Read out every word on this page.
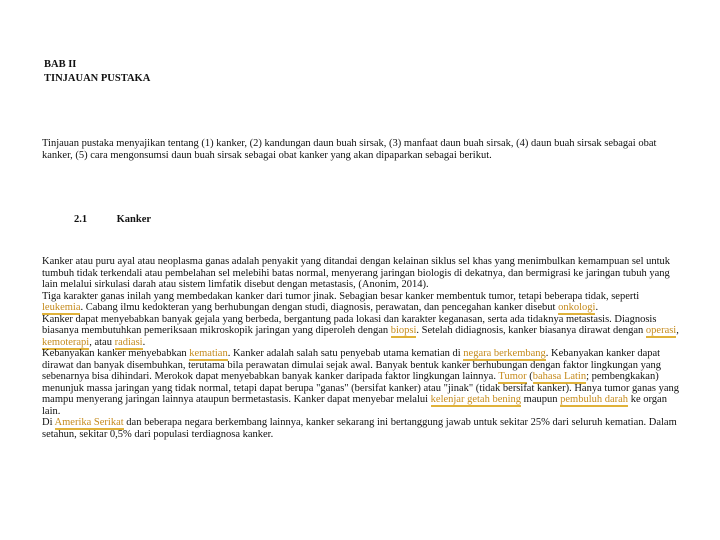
BAB II
TINJAUAN PUSTAKA
Tinjauan pustaka menyajikan tentang (1) kanker, (2) kandungan daun buah sirsak, (3) manfaat daun buah sirsak, (4) daun buah sirsak sebagai obat kanker, (5) cara mengonsumsi daun buah sirsak sebagai obat kanker yang akan dipaparkan sebagai berikut.
2.1	Kanker

Kanker atau puru ayal atau neoplasma ganas adalah penyakit yang ditandai dengan kelainan siklus sel khas yang menimbulkan kemampuan sel untuk tumbuh tidak terkendali atau pembelahan sel melebihi batas normal, menyerang jaringan biologis di dekatnya, dan bermigrasi ke jaringan tubuh yang lain melalui sirkulasi darah atau sistem limfatik disebut dengan metastasis, (Anonim, 2014).

Tiga karakter ganas inilah yang membedakan kanker dari tumor jinak. Sebagian besar kanker membentuk tumor, tetapi beberapa tidak, seperti leukemia. Cabang ilmu kedokteran yang berhubungan dengan studi, diagnosis, perawatan, dan pencegahan kanker disebut onkologi.

Kanker dapat menyebabkan banyak gejala yang berbeda, bergantung pada lokasi dan karakter keganasan, serta ada tidaknya metastasis. Diagnosis biasanya membutuhkan pemeriksaan mikroskopik jaringan yang diperoleh dengan biopsi. Setelah didiagnosis, kanker biasanya dirawat dengan operasi, kemoterapi, atau radiasi.

Kebanyakan kanker menyebabkan kematian. Kanker adalah salah satu penyebab utama kematian di negara berkembang. Kebanyakan kanker dapat dirawat dan banyak disembuhkan, terutama bila perawatan dimulai sejak awal. Banyak bentuk kanker berhubungan dengan faktor lingkungan yang sebenarnya bisa dihindari. Merokok dapat menyebabkan banyak kanker daripada faktor lingkungan lainnya. Tumor (bahasa Latin; pembengkakan) menunjuk massa jaringan yang tidak normal, tetapi dapat berupa "ganas" (bersifat kanker) atau "jinak" (tidak bersifat kanker). Hanya tumor ganas yang mampu menyerang jaringan lainnya ataupun bermetastasis. Kanker dapat menyebar melalui kelenjar getah bening maupun pembuluh darah ke organ lain.

Di Amerika Serikat dan beberapa negara berkembang lainnya, kanker sekarang ini bertanggung jawab untuk sekitar 25% dari seluruh kematian. Dalam setahun, sekitar 0,5% dari populasi terdiagnosa kanker.
